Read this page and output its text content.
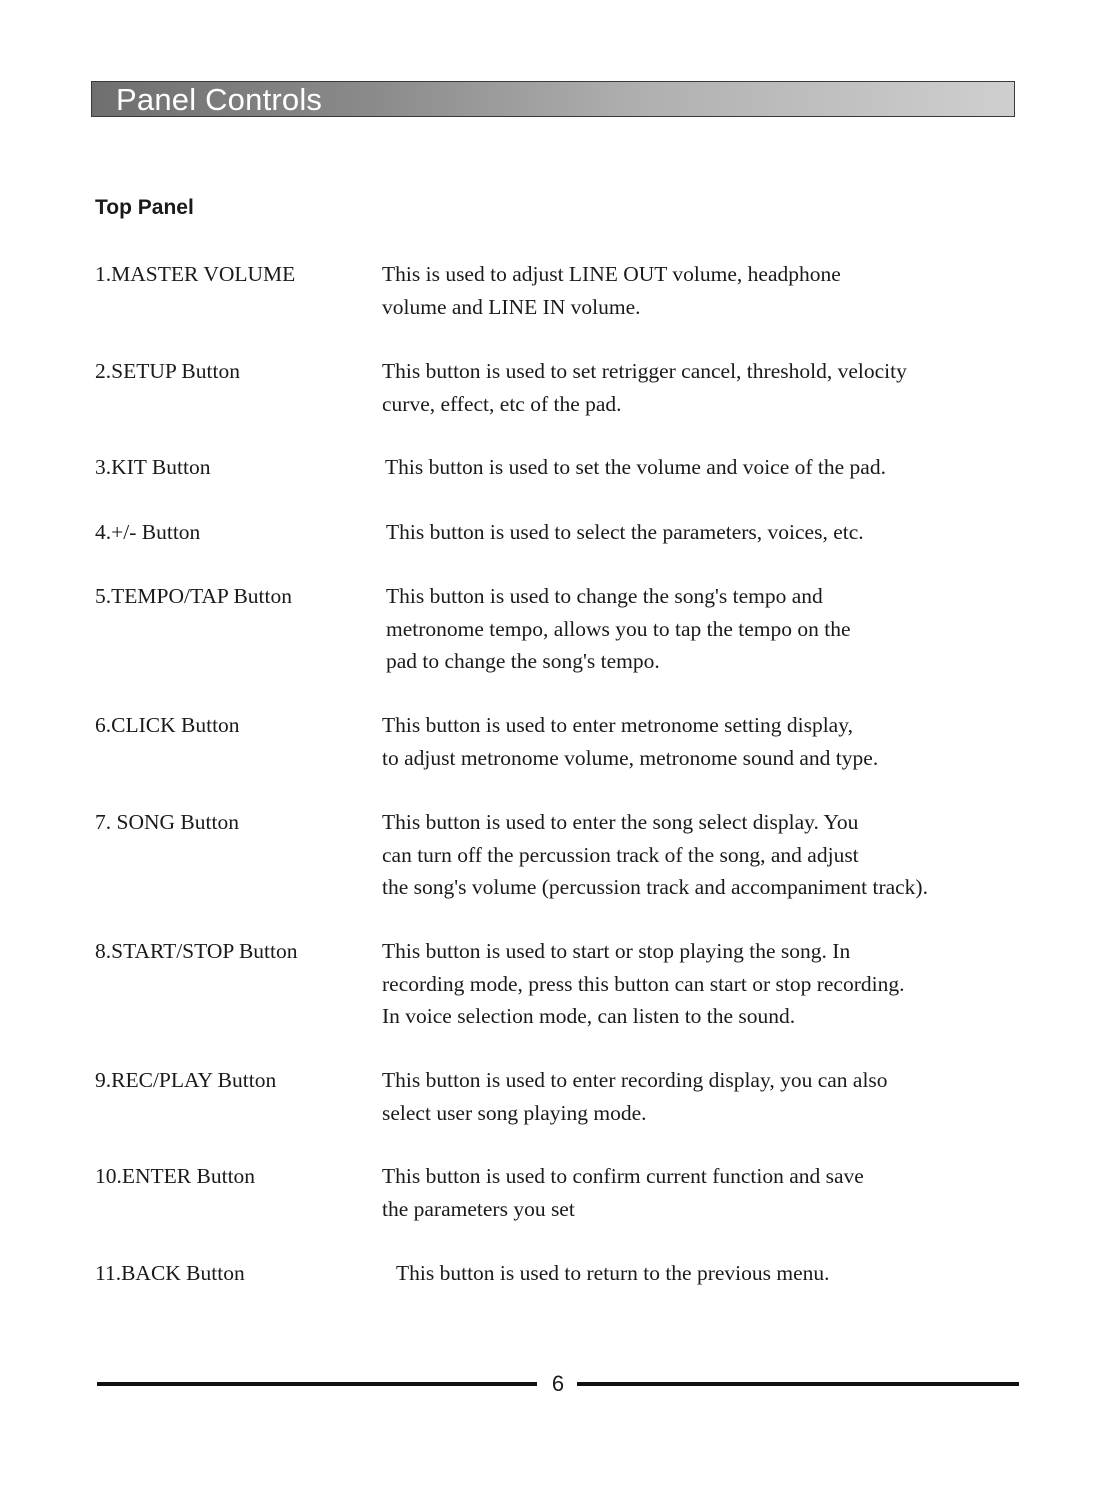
Panel Controls
Top Panel
1.MASTER VOLUME	This is used to adjust LINE OUT volume, headphone
volume and LINE IN volume.
2.SETUP Button	This button is used to set retrigger cancel, threshold, velocity
curve, effect, etc of the pad.
3.KIT Button	This button is used to set the volume and voice of the pad.
4.+/- Button	This button is used to select the parameters, voices, etc.
5.TEMPO/TAP Button	This button is used to change the song's tempo and
metronome tempo, allows you to tap the tempo on the
pad to change the song's tempo.
6.CLICK Button	This button is used to enter metronome setting display,
to adjust metronome volume, metronome sound and type.
7. SONG Button	This button is used to enter the song select display. You
can turn off the percussion track of the song, and adjust
the song's volume (percussion track and accompaniment track).
8.START/STOP Button	This button is used to start or stop playing the song. In
recording mode, press this button can start or stop recording.
In voice selection mode, can listen to the sound.
9.REC/PLAY Button	This button is used to enter recording display, you can also
select user song playing mode.
10.ENTER Button	This button is used to confirm current function and save
the parameters you set
11.BACK Button	This button is used to return to the previous menu.
6
